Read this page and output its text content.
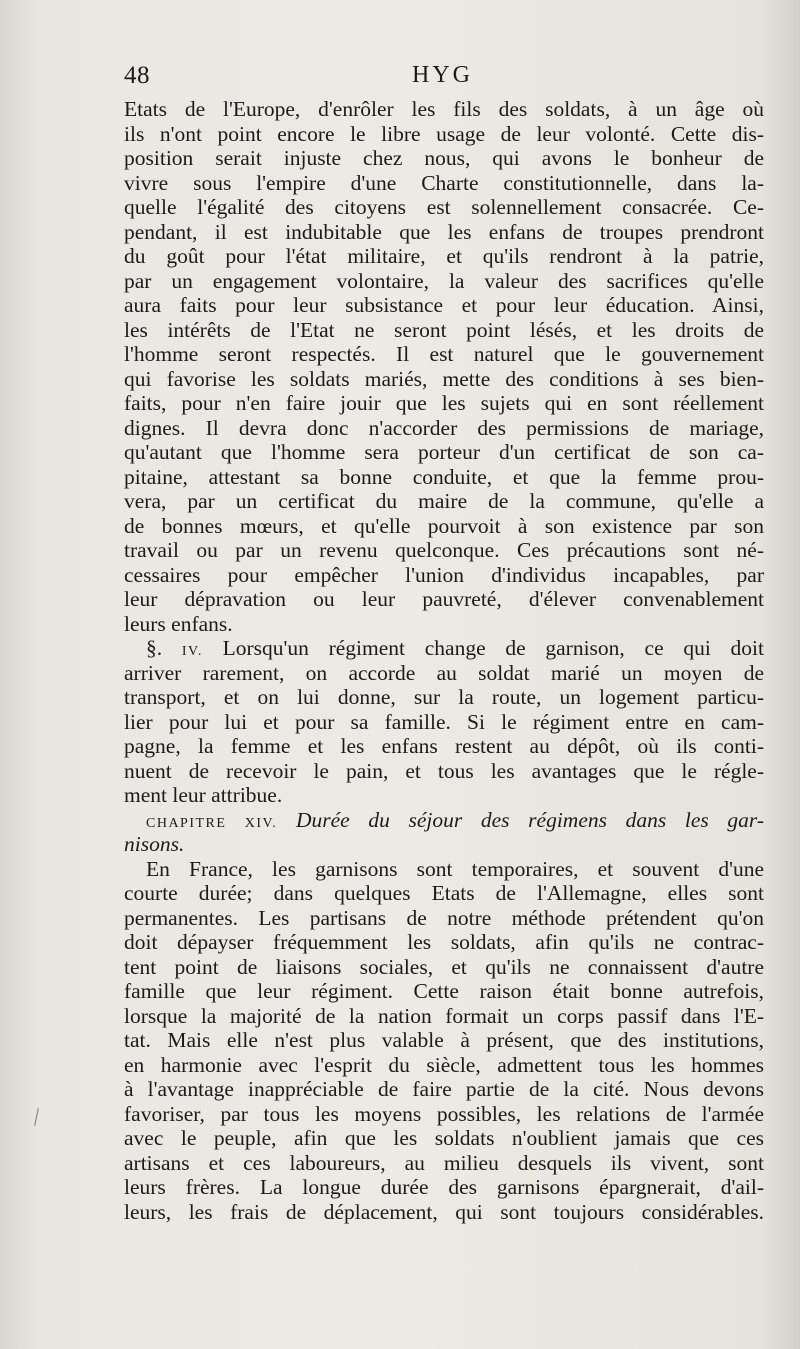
48	HYG
Etats de l'Europe, d'enrôler les fils des soldats, à un âge où
ils n'ont point encore le libre usage de leur volonté. Cette dis-
position serait injuste chez nous, qui avons le bonheur de
vivre sous l'empire d'une Charte constitutionnelle, dans la-
quelle l'égalité des citoyens est solennellement consacrée. Ce-
pendant, il est indubitable que les enfans de troupes prendront
du goût pour l'état militaire, et qu'ils rendront à la patrie,
par un engagement volontaire, la valeur des sacrifices qu'elle
aura faits pour leur subsistance et pour leur éducation. Ainsi,
les intérêts de l'Etat ne seront point lésés, et les droits de
l'homme seront respectés. Il est naturel que le gouvernement
qui favorise les soldats mariés, mette des conditions à ses bien-
faits, pour n'en faire jouir que les sujets qui en sont réellement
dignes. Il devra donc n'accorder des permissions de mariage,
qu'autant que l'homme sera porteur d'un certificat de son ca-
pitaine, attestant sa bonne conduite, et que la femme prou-
vera, par un certificat du maire de la commune, qu'elle a
de bonnes mœurs, et qu'elle pourvoit à son existence par son
travail ou par un revenu quelconque. Ces précautions sont né-
cessaires pour empêcher l'union d'individus incapables, par
leur dépravation ou leur pauvreté, d'élever convenablement
leurs enfans.
§. IV. Lorsqu'un régiment change de garnison, ce qui doit
arriver rarement, on accorde au soldat marié un moyen de
transport, et on lui donne, sur la route, un logement particu-
lier pour lui et pour sa famille. Si le régiment entre en cam-
pagne, la femme et les enfans restent au dépôt, où ils conti-
nuent de recevoir le pain, et tous les avantages que le régle-
ment leur attribue.
CHAPITRE XIV. Durée du séjour des régimens dans les gar-
nisons.
En France, les garnisons sont temporaires, et souvent d'une
courte durée; dans quelques Etats de l'Allemagne, elles sont
permanentes. Les partisans de notre méthode prétendent qu'on
doit dépayser fréquemment les soldats, afin qu'ils ne contrac-
tent point de liaisons sociales, et qu'ils ne connaissent d'autre
famille que leur régiment. Cette raison était bonne autrefois,
lorsque la majorité de la nation formait un corps passif dans l'E-
tat. Mais elle n'est plus valable à présent, que des institutions,
en harmonie avec l'esprit du siècle, admettent tous les hommes
à l'avantage inappréciable de faire partie de la cité. Nous devons
favoriser, par tous les moyens possibles, les relations de l'armée
avec le peuple, afin que les soldats n'oublient jamais que ces
artisans et ces laboureurs, au milieu desquels ils vivent, sont
leurs frères. La longue durée des garnisons épargnerait, d'ail-
leurs, les frais de déplacement, qui sont toujours considérables.
